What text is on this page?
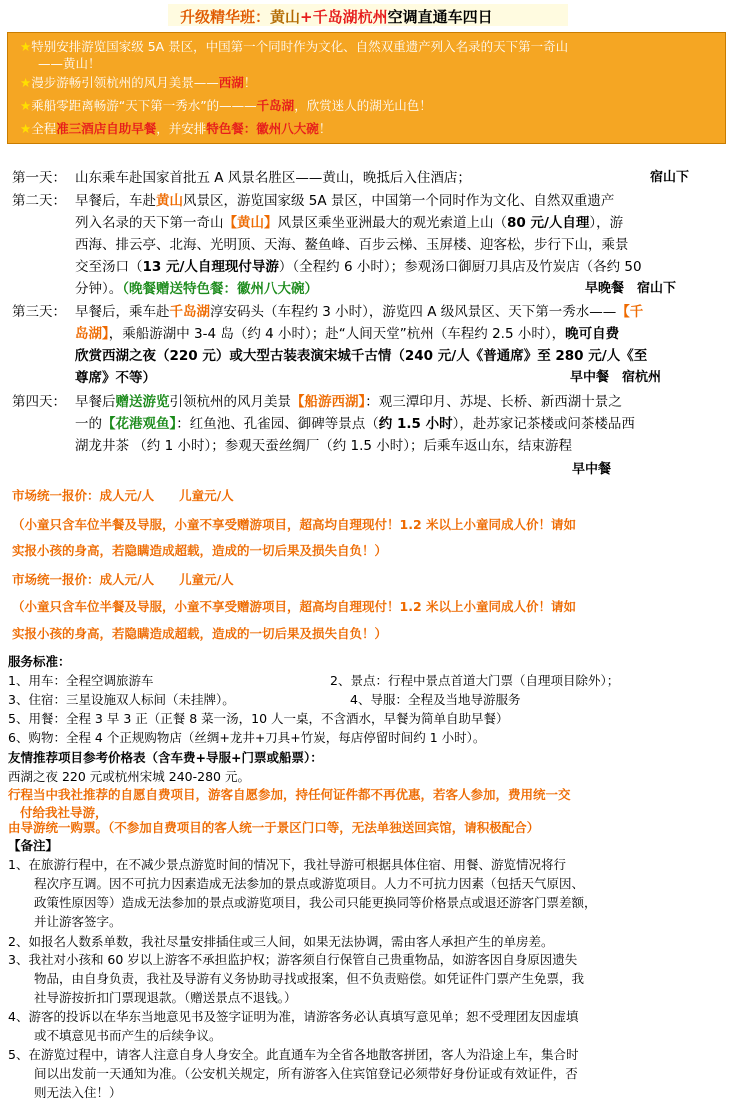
升级精华班：黄山+千岛湖杭州空调直通车四日
★特别安排游览国家级 5A 景区，中国第一个同时作为文化、自然双重遗产列入名录的天下第一奇山
——黄山！
★漫步游畅引领杭州的风月美景——西湖！
★乘船零距离畅游“天下第一秀水”的———千岛湖，欣赏迷人的湖光山色！
★全程准三酒店自助早餐，并安排特色餐：徽州八大碗！
第一天： 山东乘车赴国家首批五 A 风景名胜区——黄山，晚抵后入住酒店；	宿山下
第二天： 早餐后，车赴黄山风景区，游览国家级 5A 景区，中国第一个同时作为文化、自然双重遗产
列入名录的天下第一奇山【黄山】风景区乘坐亚洲最大的观光索道上山（80 元/人自理），游
西海、排云亭、北海、光明顶、天海、鳌鱼峰、百步云梯、玉屏楼、迎客松，步行下山，乘景
交至汤口（13 元/人自理现付导游）（全程约 6 小时）；参观汤口御厨刀具店及竹炭店（各约 50
分钟）。（晚餐赠送特色餐：徽州八大碗）	早晚餐　宿山下
第三天： 早餐后，乘车赴千岛湖淳安码头（车程约 3 小时），游览四 A 级风景区、天下第一秀水——【千
岛湖】，乘船游湖中 3-4 岛（约 4 小时）；赴“人间天堂”杭州（车程约 2.5 小时），晚可自费
欣赏西湖之夜（220 元）或大型古装表演宋城千古情（240 元/人《普通席》至 280 元/人《至
尊席》不等）	早中餐　宿杭州
第四天： 早餐后赠送游览引领杭州的风月美景【船游西湖】：观三潭印月、苏堤、长桥、新西湖十景之
一的【花港观鱼】：红鱼池、孔雀园、御碑等景点（约 1.5 小时），赴苏家记茶楼或问茶楼品西
湖龙井茶 （约 1 小时）；参观天蚕丝绸厂（约 1.5 小时）；后乘车返山东，结束游程
早中餐
市场统一报价：成人元/人　　儿童元/人
（小童只含车位半餐及导服，小童不享受赠游项目，超高均自理现付！1.2 米以上小童同成人价！请如
实报小孩的身高，若隐瞒造成超载，造成的一切后果及损失自负！）
市场统一报价：成人元/人　　儿童元/人
（小童只含车位半餐及导服，小童不享受赠游项目，超高均自理现付！1.2 米以上小童同成人价！请如
实报小孩的身高，若隐瞒造成超载，造成的一切后果及损失自负！）
服务标准：
1、用车：全程空调旅游车	2、景点：行程中景点首道大门票（自理项目除外）；
3、住宿：三星设施双人标间（未挂牌）。	4、导服：全程及当地导游服务
5、用餐：全程 3 早 3 正（正餐 8 菜一汤，10 人一桌，不含酒水，早餐为简单自助早餐）
6、购物：全程 4 个正规购物店（丝绸+龙井+刀具+竹炭，每店停留时间约 1 小时）。
友情推荐项目参考价格表（含车费+导服+门票或船票）：
西湖之夜 220 元或杭州宋城 240-280 元。
行程当中我社推荐的自愿自费项目，游客自愿参加，持任何证件都不再优惠，若客人参加，费用统一交
付给我社导游，
由导游统一购票。（不参加自费项目的客人统一于景区门口等，无法单独送回宾馆，请积极配合）
【备注】
1、在旅游行程中，在不减少景点游览时间的情况下，我社导游可根据具体住宿、用餐、游览情况将行
程次序互调。因不可抗力因素造成无法参加的景点或游览项目。人力不可抗力因素（包括天气原因、
政策性原因等）造成无法参加的景点或游览项目，我公司只能更换同等价格景点或退还游客门票差额，
并让游客签字。
2、如报名人数系单数，我社尽量安排插住或三人间，如果无法协调，需由客人承担产生的单房差。
3、我社对小孩和 60 岁以上游客不承担监护权；游客须自行保管自己贵重物品，如游客因自身原因遗失
物品，由自身负责，我社及导游有义务协助寻找或报案，但不负责赔偿。如凭证件门票产生免票，我
社导游按折扣门票现退款。（赠送景点不退钱。）
4、游客的投诉以在华东当地意见书及签字证明为准，请游客务必认真填写意见单；恕不受理团友因虚填
或不填意见书而产生的后续争议。
5、在游览过程中，请客人注意自身人身安全。此直通车为全省各地散客拼团，客人为沿途上车，集合时
间以出发前一天通知为准。（公安机关规定，所有游客入住宾馆登记必须带好身份证或有效证件，否
则无法入住！）
